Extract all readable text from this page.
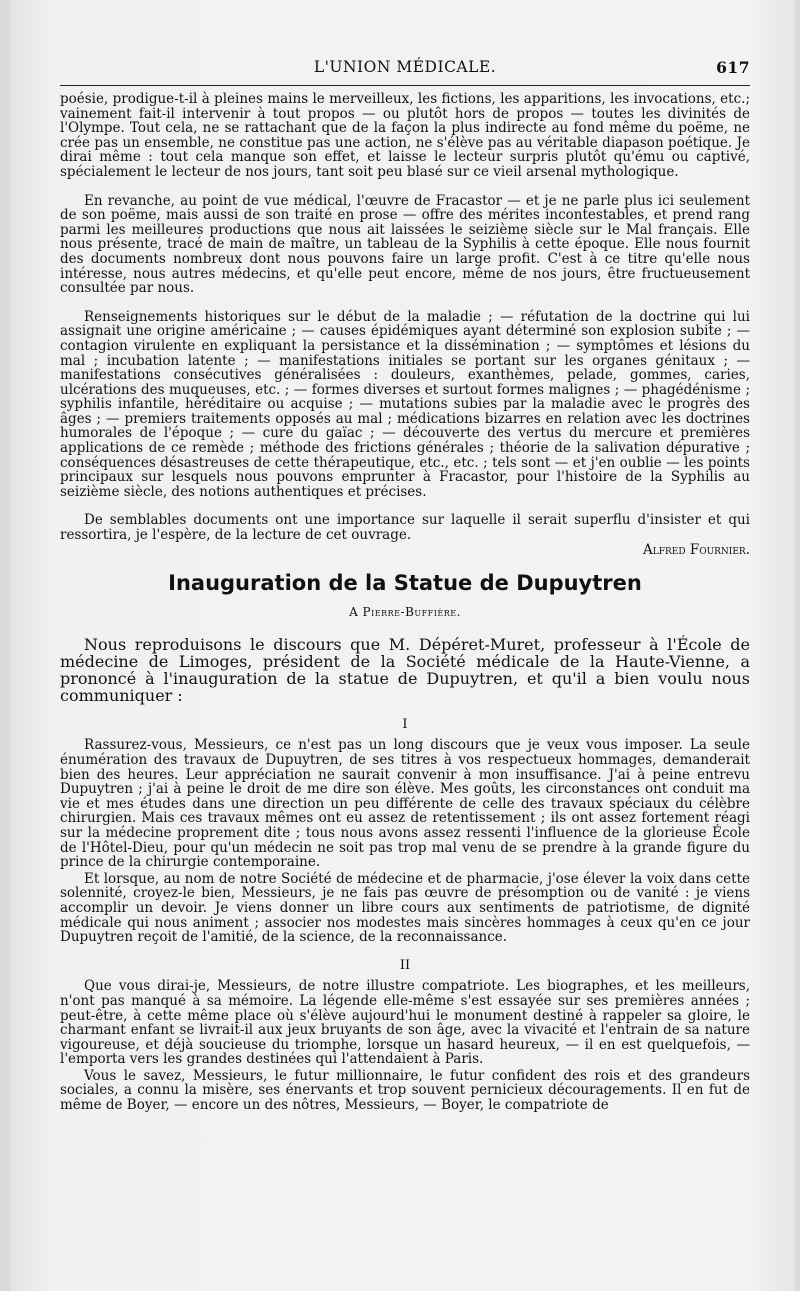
L'UNION MÉDICALE.	617

poésie, prodigue-t-il à pleines mains le merveilleux, les fictions, les apparitions, les invocations, etc.; vainement fait-il intervenir à tout propos — ou plutôt hors de propos — toutes les divinités de l'Olympe. Tout cela, ne se rattachant que de la façon la plus indirecte au fond même du poëme, ne crée pas un ensemble, ne constitue pas une action, ne s'élève pas au véritable diapason poétique. Je dirai même : tout cela manque son effet, et laisse le lecteur surpris plutôt qu'ému ou captivé, spécialement le lecteur de nos jours, tant soit peu blasé sur ce vieil arsenal mythologique.

En revanche, au point de vue médical, l'œuvre de Fracastor — et je ne parle plus ici seulement de son poëme, mais aussi de son traité en prose — offre des mérites incontestables, et prend rang parmi les meilleures productions que nous ait laissées le seizième siècle sur le Mal français. Elle nous présente, tracé de main de maître, un tableau de la Syphilis à cette époque. Elle nous fournit des documents nombreux dont nous pouvons faire un large profit. C'est à ce titre qu'elle nous intéresse, nous autres médecins, et qu'elle peut encore, même de nos jours, être fructueusement consultée par nous.

Renseignements historiques sur le début de la maladie ; — réfutation de la doctrine qui lui assignait une origine américaine ; — causes épidémiques ayant déterminé son explosion subite ; — contagion virulente en expliquant la persistance et la dissémination ; — symptômes et lésions du mal ; incubation latente ; — manifestations initiales se portant sur les organes génitaux ; — manifestations consécutives généralisées : douleurs, exanthèmes, pelade, gommes, caries, ulcérations des muqueuses, etc. ; — formes diverses et surtout formes malignes ; — phagédénisme ; syphilis infantile, héréditaire ou acquise ; — mutations subies par la maladie avec le progrès des âges ; — premiers traitements opposés au mal ; médications bizarres en relation avec les doctrines humorales de l'époque ; — cure du gaïac ; — découverte des vertus du mercure et premières applications de ce remède ; méthode des frictions générales ; théorie de la salivation dépurative ; conséquences désastreuses de cette thérapeutique, etc., etc. ; tels sont — et j'en oublie — les points principaux sur lesquels nous pouvons emprunter à Fracastor, pour l'histoire de la Syphilis au seizième siècle, des notions authentiques et précises.

De semblables documents ont une importance sur laquelle il serait superflu d'insister et qui ressortira, je l'espère, de la lecture de cet ouvrage.

Alfred Fournier.
Inauguration de la Statue de Dupuytren
A Pierre-Buffière.

Nous reproduisons le discours que M. Dépéret-Muret, professeur à l'École de médecine de Limoges, président de la Société médicale de la Haute-Vienne, a prononcé à l'inauguration de la statue de Dupuytren, et qu'il a bien voulu nous communiquer :

I

Rassurez-vous, Messieurs, ce n'est pas un long discours que je veux vous imposer. La seule énumération des travaux de Dupuytren, de ses titres à vos respectueux hommages, demanderait bien des heures. Leur appréciation ne saurait convenir à mon insuffisance. J'ai à peine entrevu Dupuytren ; j'ai à peine le droit de me dire son élève. Mes goûts, les circonstances ont conduit ma vie et mes études dans une direction un peu différente de celle des travaux spéciaux du célèbre chirurgien. Mais ces travaux mêmes ont eu assez de retentissement ; ils ont assez fortement réagi sur la médecine proprement dite ; tous nous avons assez ressenti l'influence de la glorieuse École de l'Hôtel-Dieu, pour qu'un médecin ne soit pas trop mal venu de se prendre à la grande figure du prince de la chirurgie contemporaine.

Et lorsque, au nom de notre Société de médecine et de pharmacie, j'ose élever la voix dans cette solennité, croyez-le bien, Messieurs, je ne fais pas œuvre de présomption ou de vanité : je viens accomplir un devoir. Je viens donner un libre cours aux sentiments de patriotisme, de dignité médicale qui nous animent ; associer nos modestes mais sincères hommages à ceux qu'en ce jour Dupuytren reçoit de l'amitié, de la science, de la reconnaissance.

II

Que vous dirai-je, Messieurs, de notre illustre compatriote. Les biographes, et les meilleurs, n'ont pas manqué à sa mémoire. La légende elle-même s'est essayée sur ses premières années ; peut-être, à cette même place où s'élève aujourd'hui le monument destiné à rappeler sa gloire, le charmant enfant se livrait-il aux jeux bruyants de son âge, avec la vivacité et l'entrain de sa nature vigoureuse, et déjà soucieuse du triomphe, lorsque un hasard heureux, — il en est quelquefois, — l'emporta vers les grandes destinées qui l'attendaient à Paris.

Vous le savez, Messieurs, le futur millionnaire, le futur confident des rois et des grandeurs sociales, a connu la misère, ses énervants et trop souvent pernicieux découragements. Il en fut de même de Boyer, — encore un des nôtres, Messieurs, — Boyer, le compatriote de
